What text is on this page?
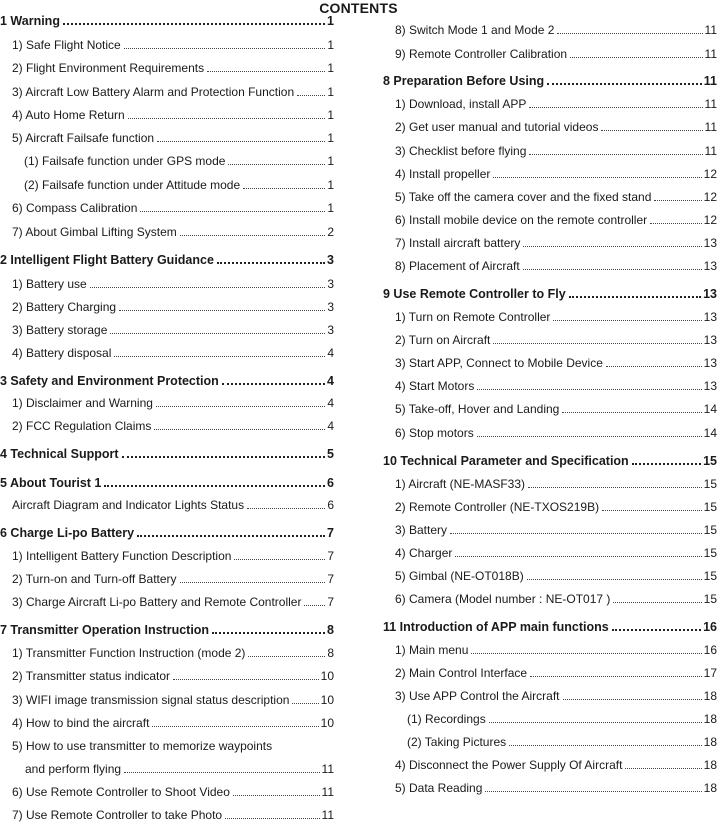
CONTENTS
1 Warning	1
1) Safe Flight Notice	1
2) Flight Environment Requirements	1
3) Aircraft Low Battery Alarm and Protection Function	1
4) Auto Home Return	1
5) Aircraft Failsafe function	1
(1) Failsafe function under GPS mode	1
(2) Failsafe function under Attitude mode	1
6) Compass Calibration	1
7) About Gimbal Lifting System	2
2 Intelligent Flight Battery Guidance	3
1) Battery use	3
2) Battery Charging	3
3) Battery storage	3
4) Battery disposal	4
3 Safety and Environment Protection	4
1) Disclaimer and Warning	4
2) FCC Regulation Claims	4
4 Technical Support	5
5 About Tourist 1	6
Aircraft Diagram and Indicator Lights Status	6
6 Charge Li-po Battery	7
1) Intelligent Battery Function Description	7
2) Turn-on and Turn-off Battery	7
3) Charge Aircraft Li-po Battery and Remote Controller 7
7 Transmitter Operation Instruction	8
1) Transmitter Function Instruction (mode 2)	8
2) Transmitter status indicator	10
3) WIFI image transmission signal status description	10
4) How to bind the aircraft	10
5) How to use transmitter to memorize waypoints
and perform flying	11
6) Use Remote Controller to Shoot Video	11
7) Use Remote Controller to take Photo	11
8) Switch Mode 1 and Mode 2	11
9) Remote Controller Calibration	11
8 Preparation Before Using	11
1) Download, install APP	11
2) Get user manual and tutorial videos	11
3) Checklist before flying	11
4) Install propeller	12
5) Take off the camera cover and the fixed stand	12
6) Install mobile device on the remote controller	12
7) Install aircraft battery	13
8) Placement of Aircraft	13
9 Use Remote Controller to Fly	13
1) Turn on Remote Controller	13
2) Turn on Aircraft	13
3) Start APP, Connect to Mobile Device	13
4) Start Motors	13
5) Take-off, Hover and Landing	14
6) Stop motors	14
10 Technical Parameter and Specification	15
1) Aircraft (NE-MASF33)	15
2) Remote Controller (NE-TXOS219B)	15
3) Battery	15
4) Charger	15
5) Gimbal (NE-OT018B)	15
6) Camera (Model number : NE-OT017 )	15
11 Introduction of APP main functions	16
1) Main menu	16
2) Main Control Interface	17
3) Use APP Control the Aircraft	18
(1) Recordings	18
(2) Taking Pictures	18
4) Disconnect the Power Supply Of Aircraft	18
5) Data Reading	18
